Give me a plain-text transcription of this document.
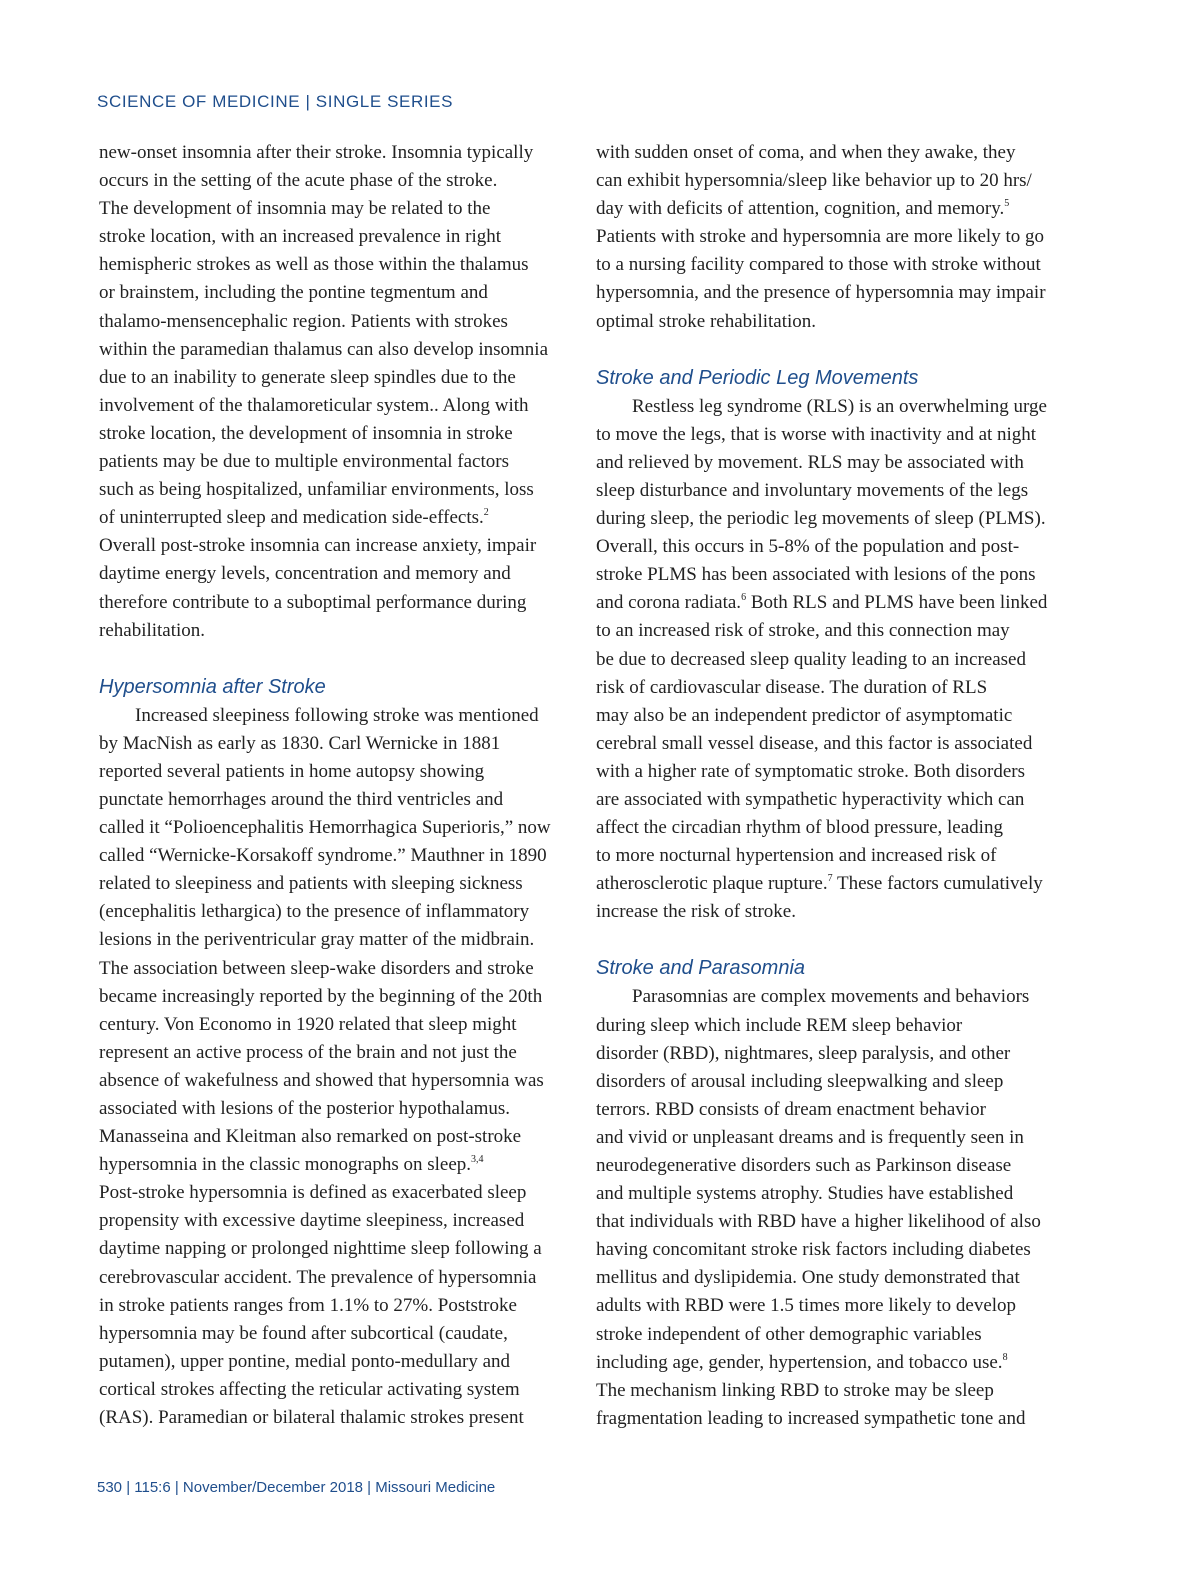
SCIENCE OF MEDICINE | SINGLE SERIES
new-onset insomnia after their stroke. Insomnia typically
occurs in the setting of the acute phase of the stroke.
The development of insomnia may be related to the
stroke location, with an increased prevalence in right
hemispheric strokes as well as those within the thalamus
or brainstem, including the pontine tegmentum and
thalamo-mensencephalic region. Patients with strokes
within the paramedian thalamus can also develop insomnia
due to an inability to generate sleep spindles due to the
involvement of the thalamoreticular system.. Along with
stroke location, the development of insomnia in stroke
patients may be due to multiple environmental factors
such as being hospitalized, unfamiliar environments, loss
of uninterrupted sleep and medication side-effects.$^2$
Overall post-stroke insomnia can increase anxiety, impair
daytime energy levels, concentration and memory and
therefore contribute to a suboptimal performance during
rehabilitation.
Hypersomnia after Stroke
Increased sleepiness following stroke was mentioned
by MacNish as early as 1830. Carl Wernicke in 1881
reported several patients in home autopsy showing
punctate hemorrhages around the third ventricles and
called it “Polioencephalitis Hemorrhagica Superioris,” now
called “Wernicke-Korsakoff syndrome.” Mauthner in 1890
related to sleepiness and patients with sleeping sickness
(encephalitis lethargica) to the presence of inflammatory
lesions in the periventricular gray matter of the midbrain.
The association between sleep-wake disorders and stroke
became increasingly reported by the beginning of the 20th
century. Von Economo in 1920 related that sleep might
represent an active process of the brain and not just the
absence of wakefulness and showed that hypersomnia was
associated with lesions of the posterior hypothalamus.
Manasseina and Kleitman also remarked on post-stroke
hypersomnia in the classic monographs on sleep.$^{3,4}$
Post-stroke hypersomnia is defined as exacerbated sleep
propensity with excessive daytime sleepiness, increased
daytime napping or prolonged nighttime sleep following a
cerebrovascular accident. The prevalence of hypersomnia
in stroke patients ranges from 1.1% to 27%. Poststroke
hypersomnia may be found after subcortical (caudate,
putamen), upper pontine, medial ponto-medullary and
cortical strokes affecting the reticular activating system
(RAS). Paramedian or bilateral thalamic strokes present
with sudden onset of coma, and when they awake, they
can exhibit hypersomnia/sleep like behavior up to 20 hrs/
day with deficits of attention, cognition, and memory.$^5$
Patients with stroke and hypersomnia are more likely to go
to a nursing facility compared to those with stroke without
hypersomnia, and the presence of hypersomnia may impair
optimal stroke rehabilitation.
Stroke and Periodic Leg Movements
Restless leg syndrome (RLS) is an overwhelming urge
to move the legs, that is worse with inactivity and at night
and relieved by movement. RLS may be associated with
sleep disturbance and involuntary movements of the legs
during sleep, the periodic leg movements of sleep (PLMS).
Overall, this occurs in 5-8% of the population and post-
stroke PLMS has been associated with lesions of the pons
and corona radiata.$^6$ Both RLS and PLMS have been linked
to an increased risk of stroke, and this connection may
be due to decreased sleep quality leading to an increased
risk of cardiovascular disease. The duration of RLS
may also be an independent predictor of asymptomatic
cerebral small vessel disease, and this factor is associated
with a higher rate of symptomatic stroke. Both disorders
are associated with sympathetic hyperactivity which can
affect the circadian rhythm of blood pressure, leading
to more nocturnal hypertension and increased risk of
atherosclerotic plaque rupture.$^7$ These factors cumulatively
increase the risk of stroke.
Stroke and Parasomnia
Parasomnias are complex movements and behaviors
during sleep which include REM sleep behavior
disorder (RBD), nightmares, sleep paralysis, and other
disorders of arousal including sleepwalking and sleep
terrors. RBD consists of dream enactment behavior
and vivid or unpleasant dreams and is frequently seen in
neurodegenerative disorders such as Parkinson disease
and multiple systems atrophy. Studies have established
that individuals with RBD have a higher likelihood of also
having concomitant stroke risk factors including diabetes
mellitus and dyslipidemia. One study demonstrated that
adults with RBD were 1.5 times more likely to develop
stroke independent of other demographic variables
including age, gender, hypertension, and tobacco use.$^8$
The mechanism linking RBD to stroke may be sleep
fragmentation leading to increased sympathetic tone and
530 | 115:6 | November/December 2018 | Missouri Medicine
